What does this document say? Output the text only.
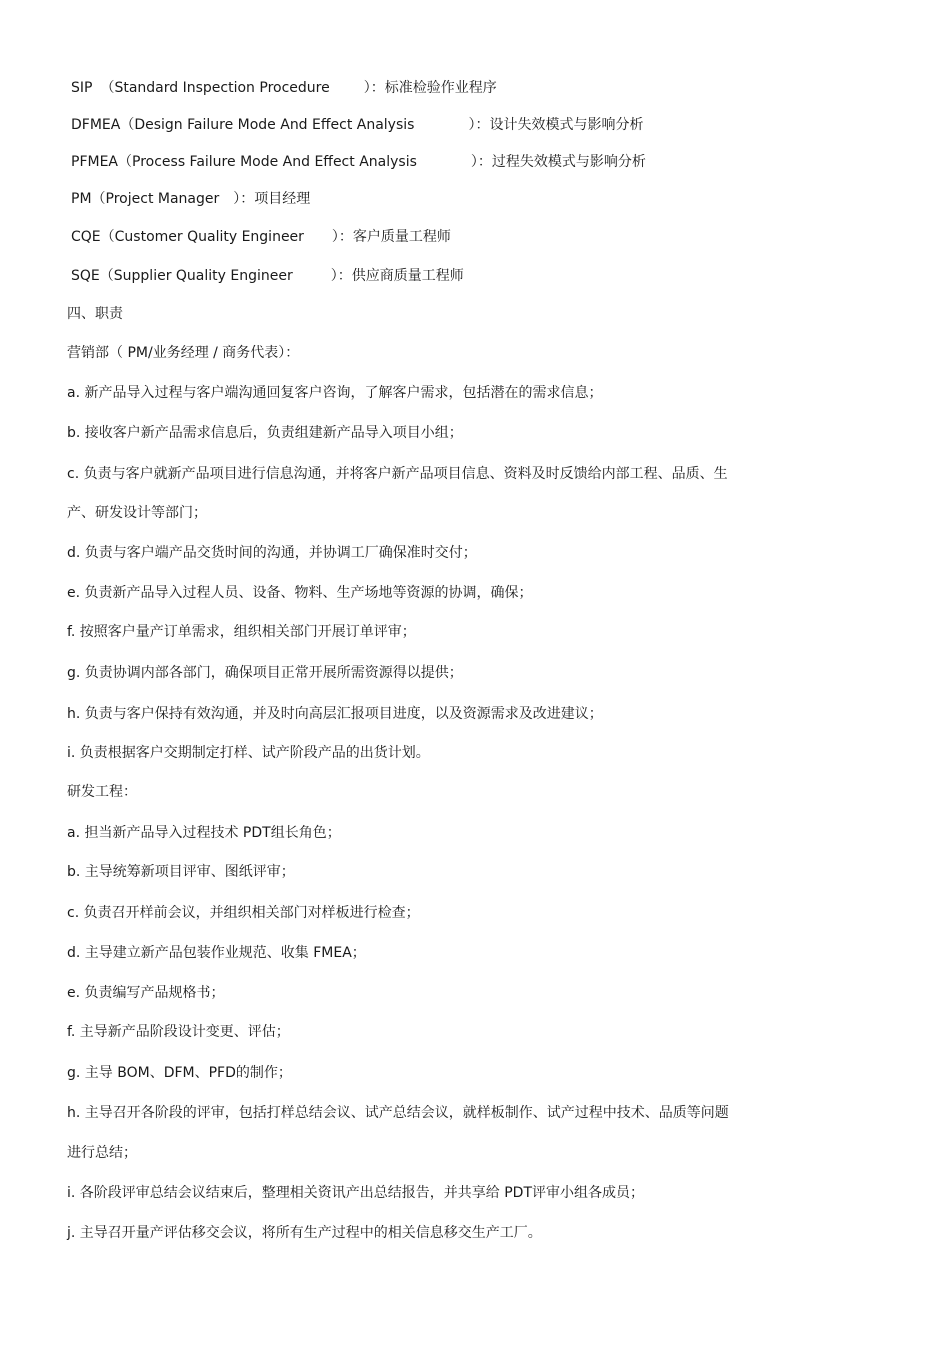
SIP （Standard Inspection Procedure ）：标准检验作业程序
DFMEA（Design Failure Mode And Effect Analysis	）：设计失效模式与影响分析
PFMEA（Process Failure Mode And Effect Analysis	）：过程失效模式与影响分析
PM（Project Manager ）：项目经理
CQE（Customer Quality Engineer ）：客户质量工程师
SQE（Supplier Quality Engineer	）：供应商质量工程师
四、职责
营销部（ PM/业务经理 / 商务代表）：
a. 新产品导入过程与客户端沟通回复客户咨询，了解客户需求，包括潜在的需求信息；
b. 接收客户新产品需求信息后，负责组建新产品导入项目小组；
c. 负责与客户就新产品项目进行信息沟通，并将客户新产品项目信息、资料及时反馈给内部工程、品质、生
产、研发设计等部门；
d. 负责与客户端产品交货时间的沟通，并协调工厂确保准时交付；
e. 负责新产品导入过程人员、设备、物料、生产场地等资源的协调，确保；
f. 按照客户量产订单需求，组织相关部门开展订单评审；
g. 负责协调内部各部门，确保项目正常开展所需资源得以提供；
h. 负责与客户保持有效沟通，并及时向高层汇报项目进度，以及资源需求及改进建议；
i. 负责根据客户交期制定打样、试产阶段产品的出货计划。
研发工程：
a. 担当新产品导入过程技术 PDT组长角色；
b. 主导统筹新项目评审、图纸评审；
c. 负责召开样前会议，并组织相关部门对样板进行检查；
d. 主导建立新产品包装作业规范、收集 FMEA；
e. 负责编写产品规格书；
f. 主导新产品阶段设计变更、评估；
g. 主导 BOM、DFM、PFD的制作；
h. 主导召开各阶段的评审，包括打样总结会议、试产总结会议，就样板制作、试产过程中技术、品质等问题
进行总结；
i. 各阶段评审总结会议结束后，整理相关资讯产出总结报告，并共享给 PDT评审小组各成员；
j. 主导召开量产评估移交会议，将所有生产过程中的相关信息移交生产工厂。
